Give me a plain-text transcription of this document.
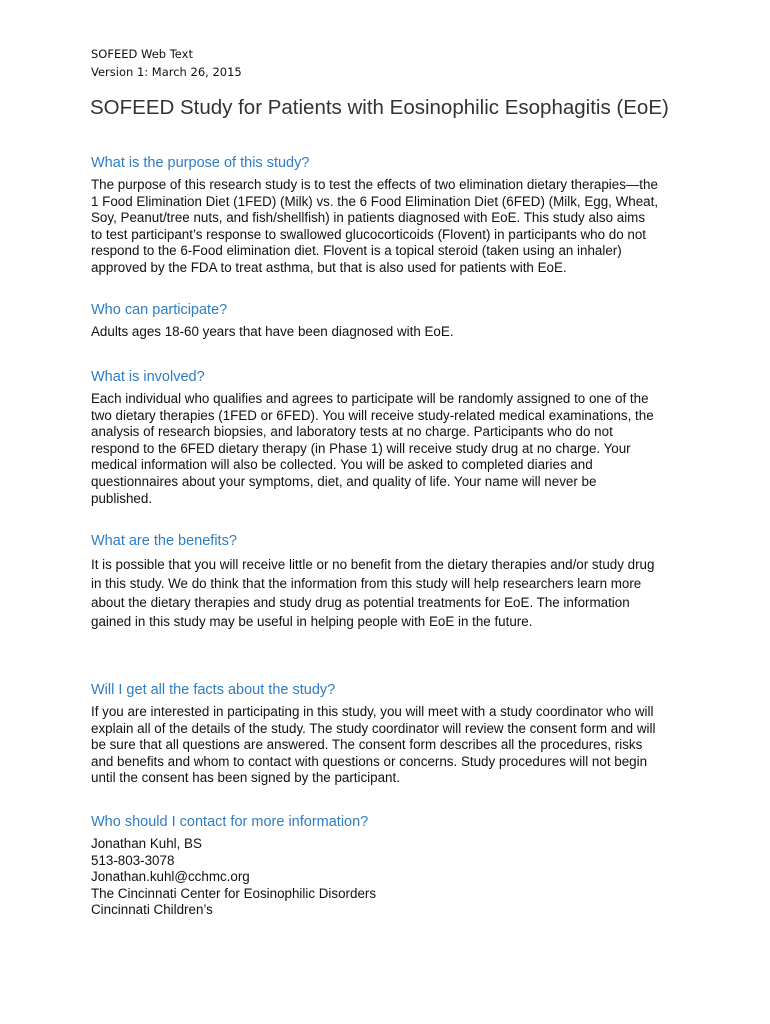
SOFEED Web Text
Version 1: March 26, 2015
SOFEED Study for Patients with Eosinophilic Esophagitis (EoE)
What is the purpose of this study?
The purpose of this research study is to test the effects of two elimination dietary therapies—the
1 Food Elimination Diet (1FED) (Milk) vs. the 6 Food Elimination Diet (6FED) (Milk, Egg, Wheat,
Soy, Peanut/tree nuts, and fish/shellfish) in patients diagnosed with EoE. This study also aims
to test participant’s response to swallowed glucocorticoids (Flovent) in participants who do not
respond to the 6-Food elimination diet. Flovent is a topical steroid (taken using an inhaler)
approved by the FDA to treat asthma, but that is also used for patients with EoE.
Who can participate?
Adults ages 18-60 years that have been diagnosed with EoE.
What is involved?
Each individual who qualifies and agrees to participate will be randomly assigned to one of the
two dietary therapies (1FED or 6FED). You will receive study-related medical examinations, the
analysis of research biopsies, and laboratory tests at no charge. Participants who do not
respond to the 6FED dietary therapy (in Phase 1) will receive study drug at no charge. Your
medical information will also be collected. You will be asked to completed diaries and
questionnaires about your symptoms, diet, and quality of life. Your name will never be
published.
What are the benefits?
It is possible that you will receive little or no benefit from the dietary therapies and/or study drug
in this study. We do think that the information from this study will help researchers learn more
about the dietary therapies and study drug as potential treatments for EoE. The information
gained in this study may be useful in helping people with EoE in the future.
Will I get all the facts about the study?
If you are interested in participating in this study, you will meet with a study coordinator who will
explain all of the details of the study. The study coordinator will review the consent form and will
be sure that all questions are answered. The consent form describes all the procedures, risks
and benefits and whom to contact with questions or concerns. Study procedures will not begin
until the consent has been signed by the participant.
Who should I contact for more information?
Jonathan Kuhl, BS
513-803-3078
Jonathan.kuhl@cchmc.org
The Cincinnati Center for Eosinophilic Disorders
Cincinnati Children’s
